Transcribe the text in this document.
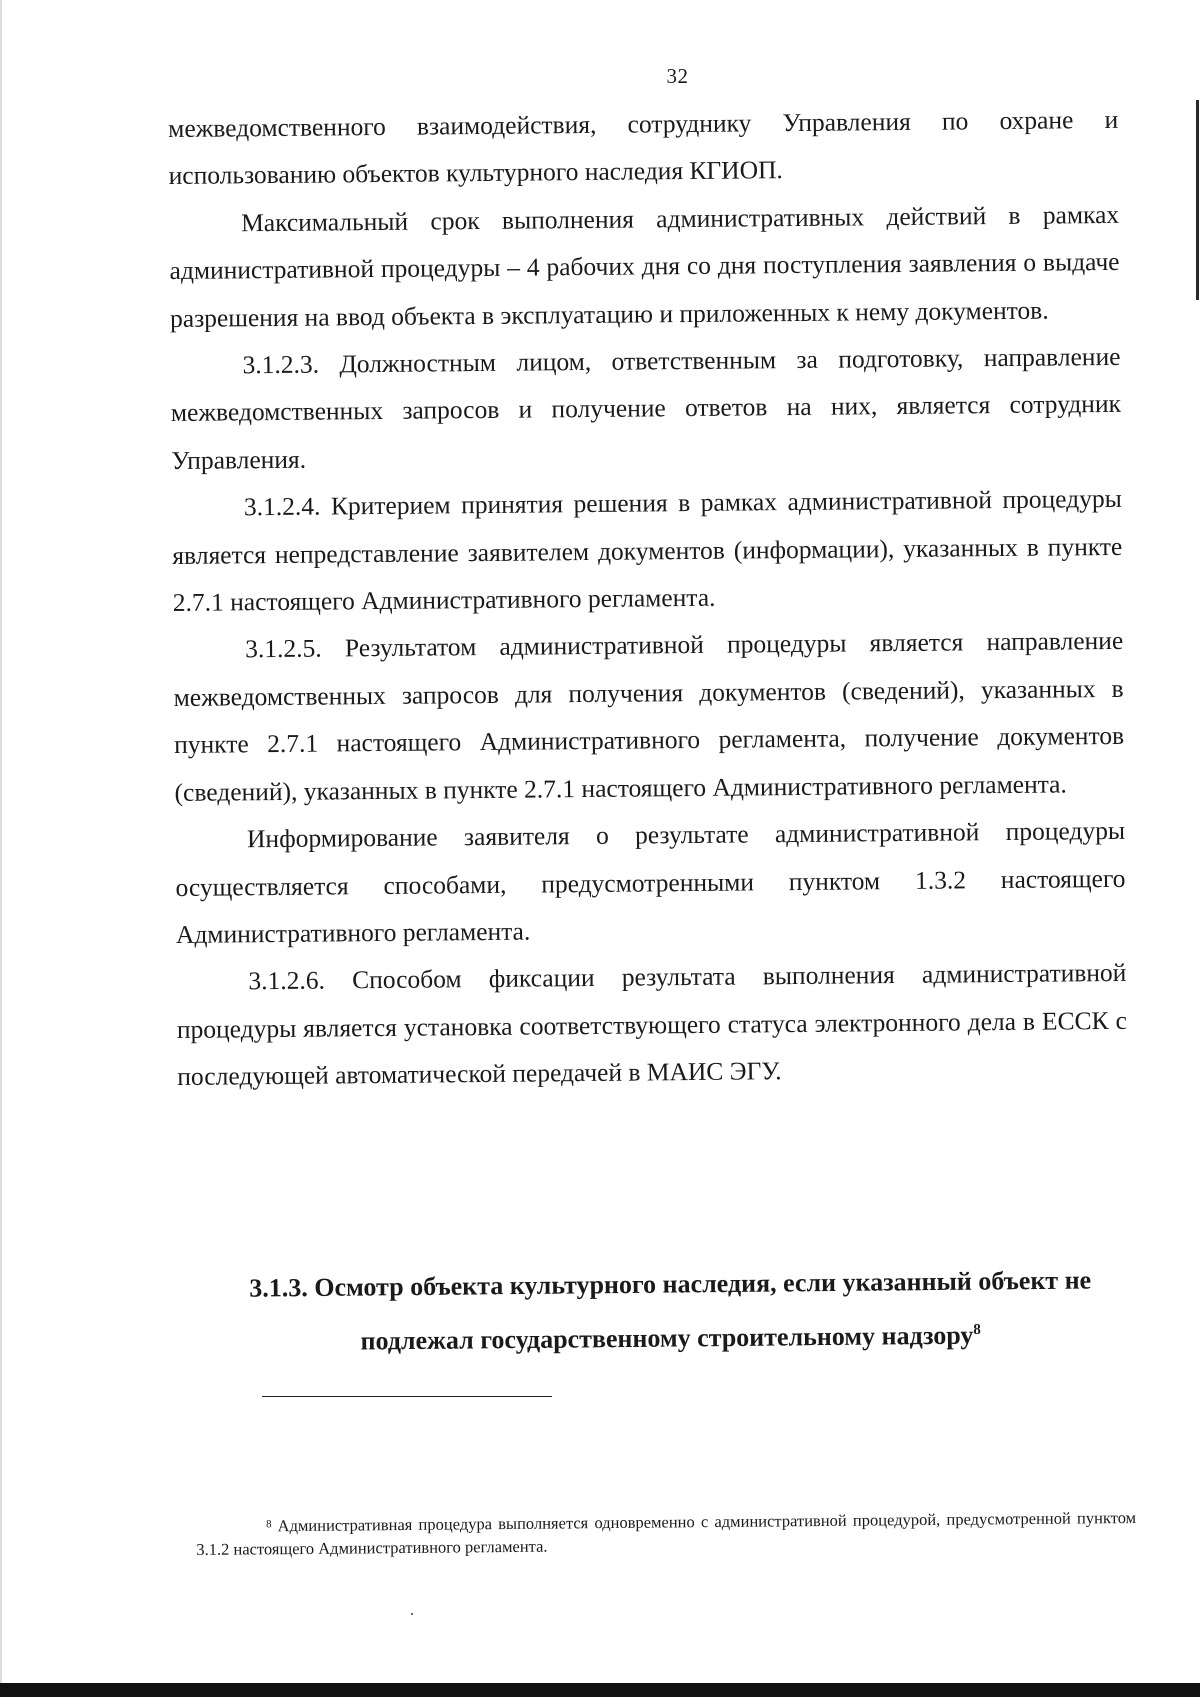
32

межведомственного взаимодействия, сотруднику Управления по охране и использованию объектов культурного наследия КГИОП.

Максимальный срок выполнения административных действий в рамках административной процедуры – 4 рабочих дня со дня поступления заявления о выдаче разрешения на ввод объекта в эксплуатацию и приложенных к нему документов.

3.1.2.3. Должностным лицом, ответственным за подготовку, направление межведомственных запросов и получение ответов на них, является сотрудник Управления.

3.1.2.4. Критерием принятия решения в рамках административной процедуры является непредставление заявителем документов (информации), указанных в пункте 2.7.1 настоящего Административного регламента.

3.1.2.5. Результатом административной процедуры является направление межведомственных запросов для получения документов (сведений), указанных в пункте 2.7.1 настоящего Административного регламента, получение документов (сведений), указанных в пункте 2.7.1 настоящего Административного регламента.

Информирование заявителя о результате административной процедуры осуществляется способами, предусмотренными пунктом 1.3.2 настоящего Административного регламента.

3.1.2.6. Способом фиксации результата выполнения административной процедуры является установка соответствующего статуса электронного дела в ЕССК с последующей автоматической передачей в МАИС ЭГУ.

3.1.3. Осмотр объекта культурного наследия, если указанный объект не подлежал государственному строительному надзору$^8$
$^8$ Административная процедура выполняется одновременно с административной процедурой, предусмотренной пунктом 3.1.2 настоящего Административного регламента.
